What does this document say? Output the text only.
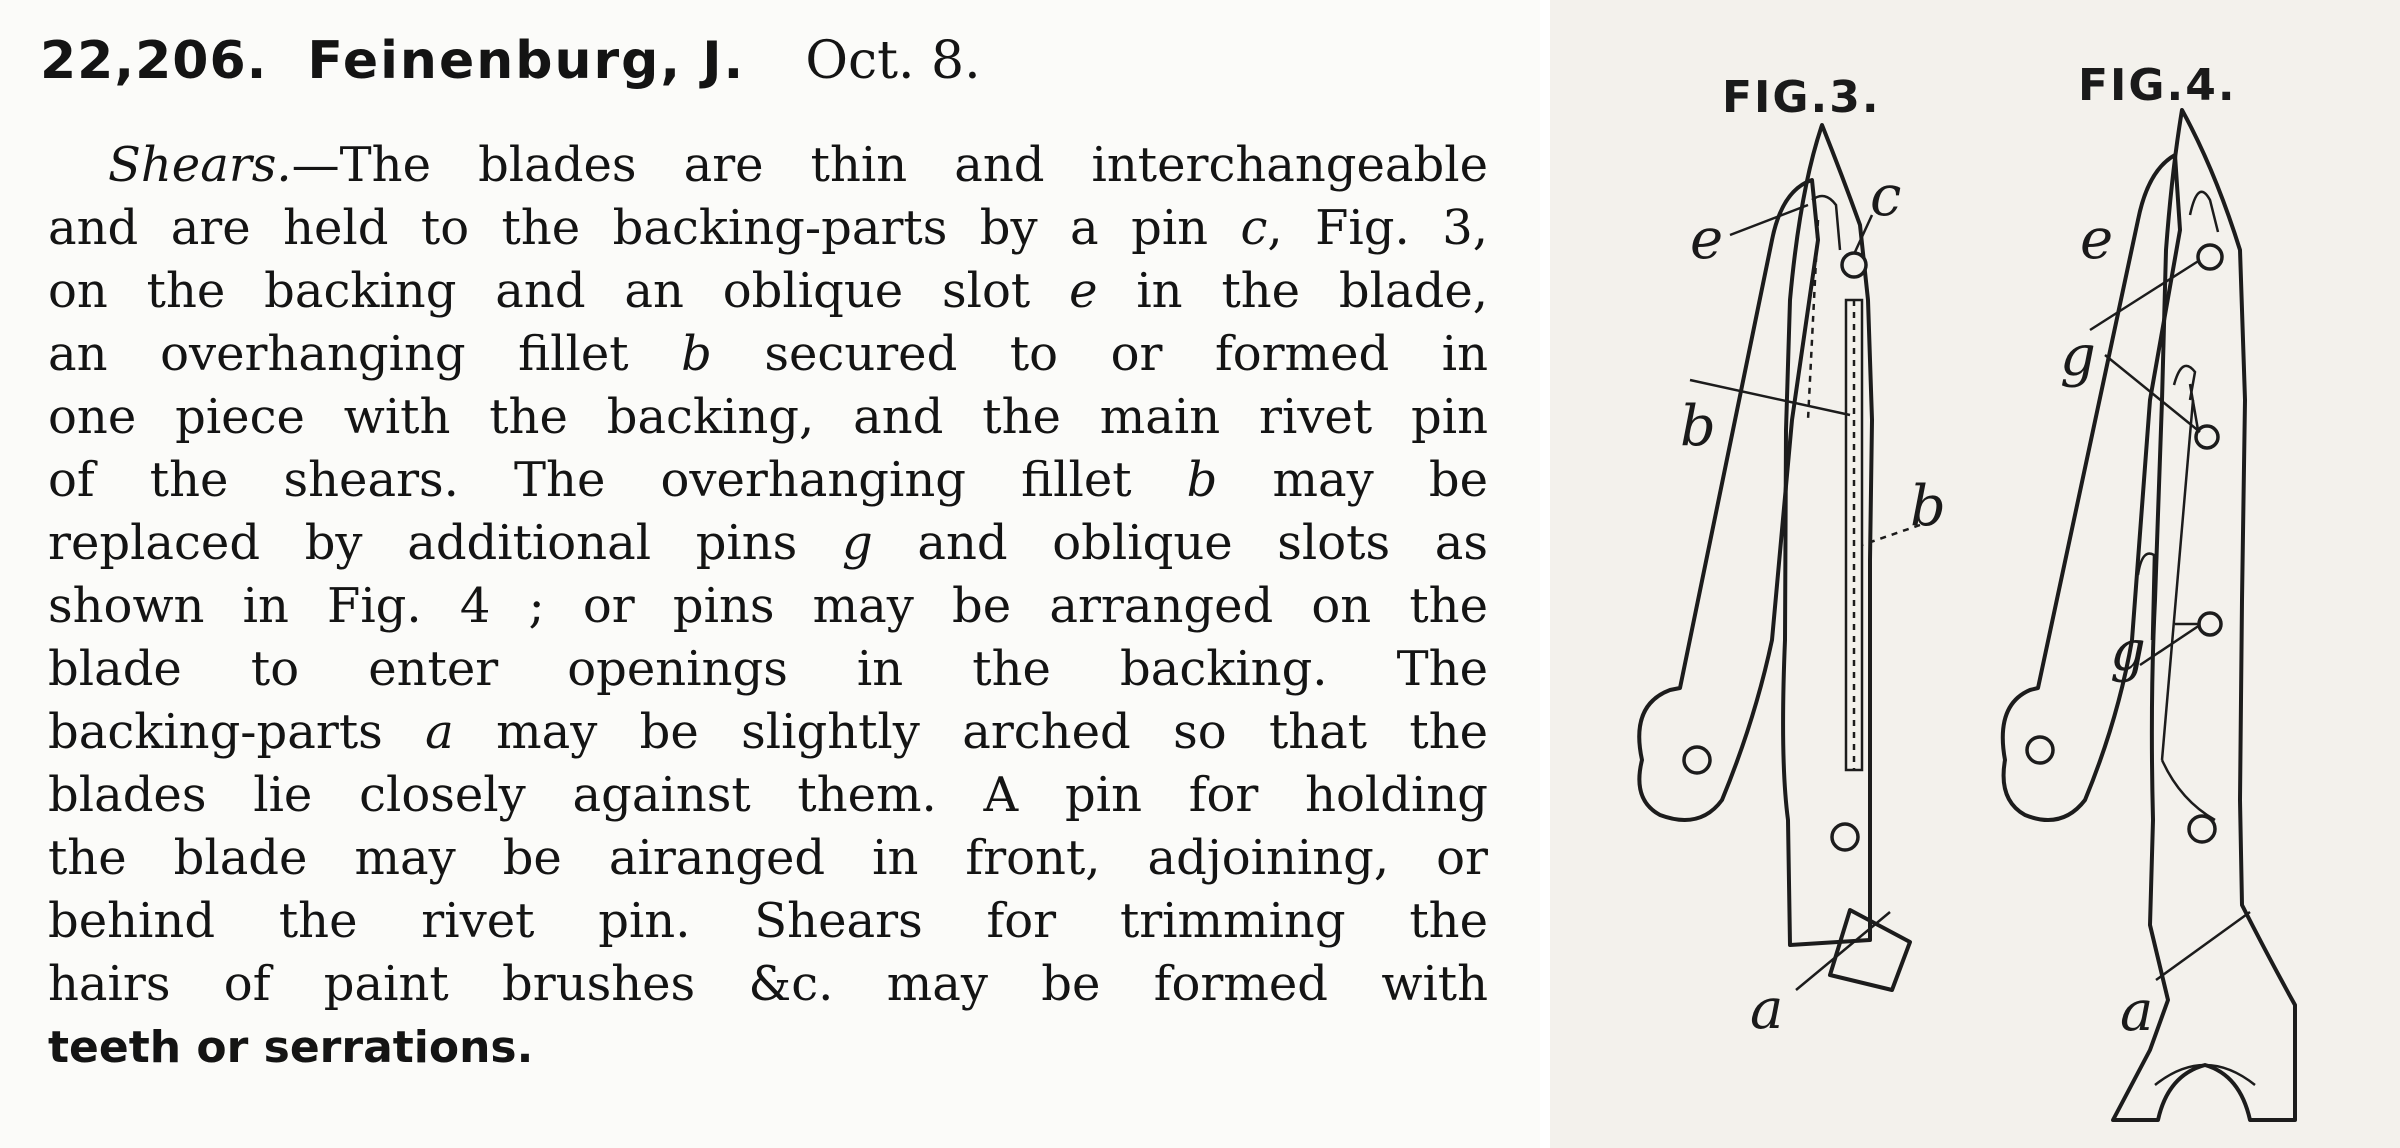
22,206. Feinenburg, J. Oct. 8.
Shears.—The blades are thin and interchangeable
and are held to the backing-parts by a pin c, Fig. 3,
on the backing and an oblique slot e in the blade,
an overhanging fillet b secured to or formed in
one piece with the backing, and the main rivet pin
of the shears. The overhanging fillet b may be
replaced by additional pins g and oblique slots as
shown in Fig. 4 ; or pins may be arranged on the
blade to enter openings in the backing. The
backing-parts a may be slightly arched so that the
blades lie closely against them. A pin for holding
the blade may be airanged in front, adjoining, or
behind the rivet pin. Shears for trimming the
hairs of paint brushes &c. may be formed with
teeth or serrations.
FIG.3.
e
c
b
b
a
FIG.4.
e
g
g
a
